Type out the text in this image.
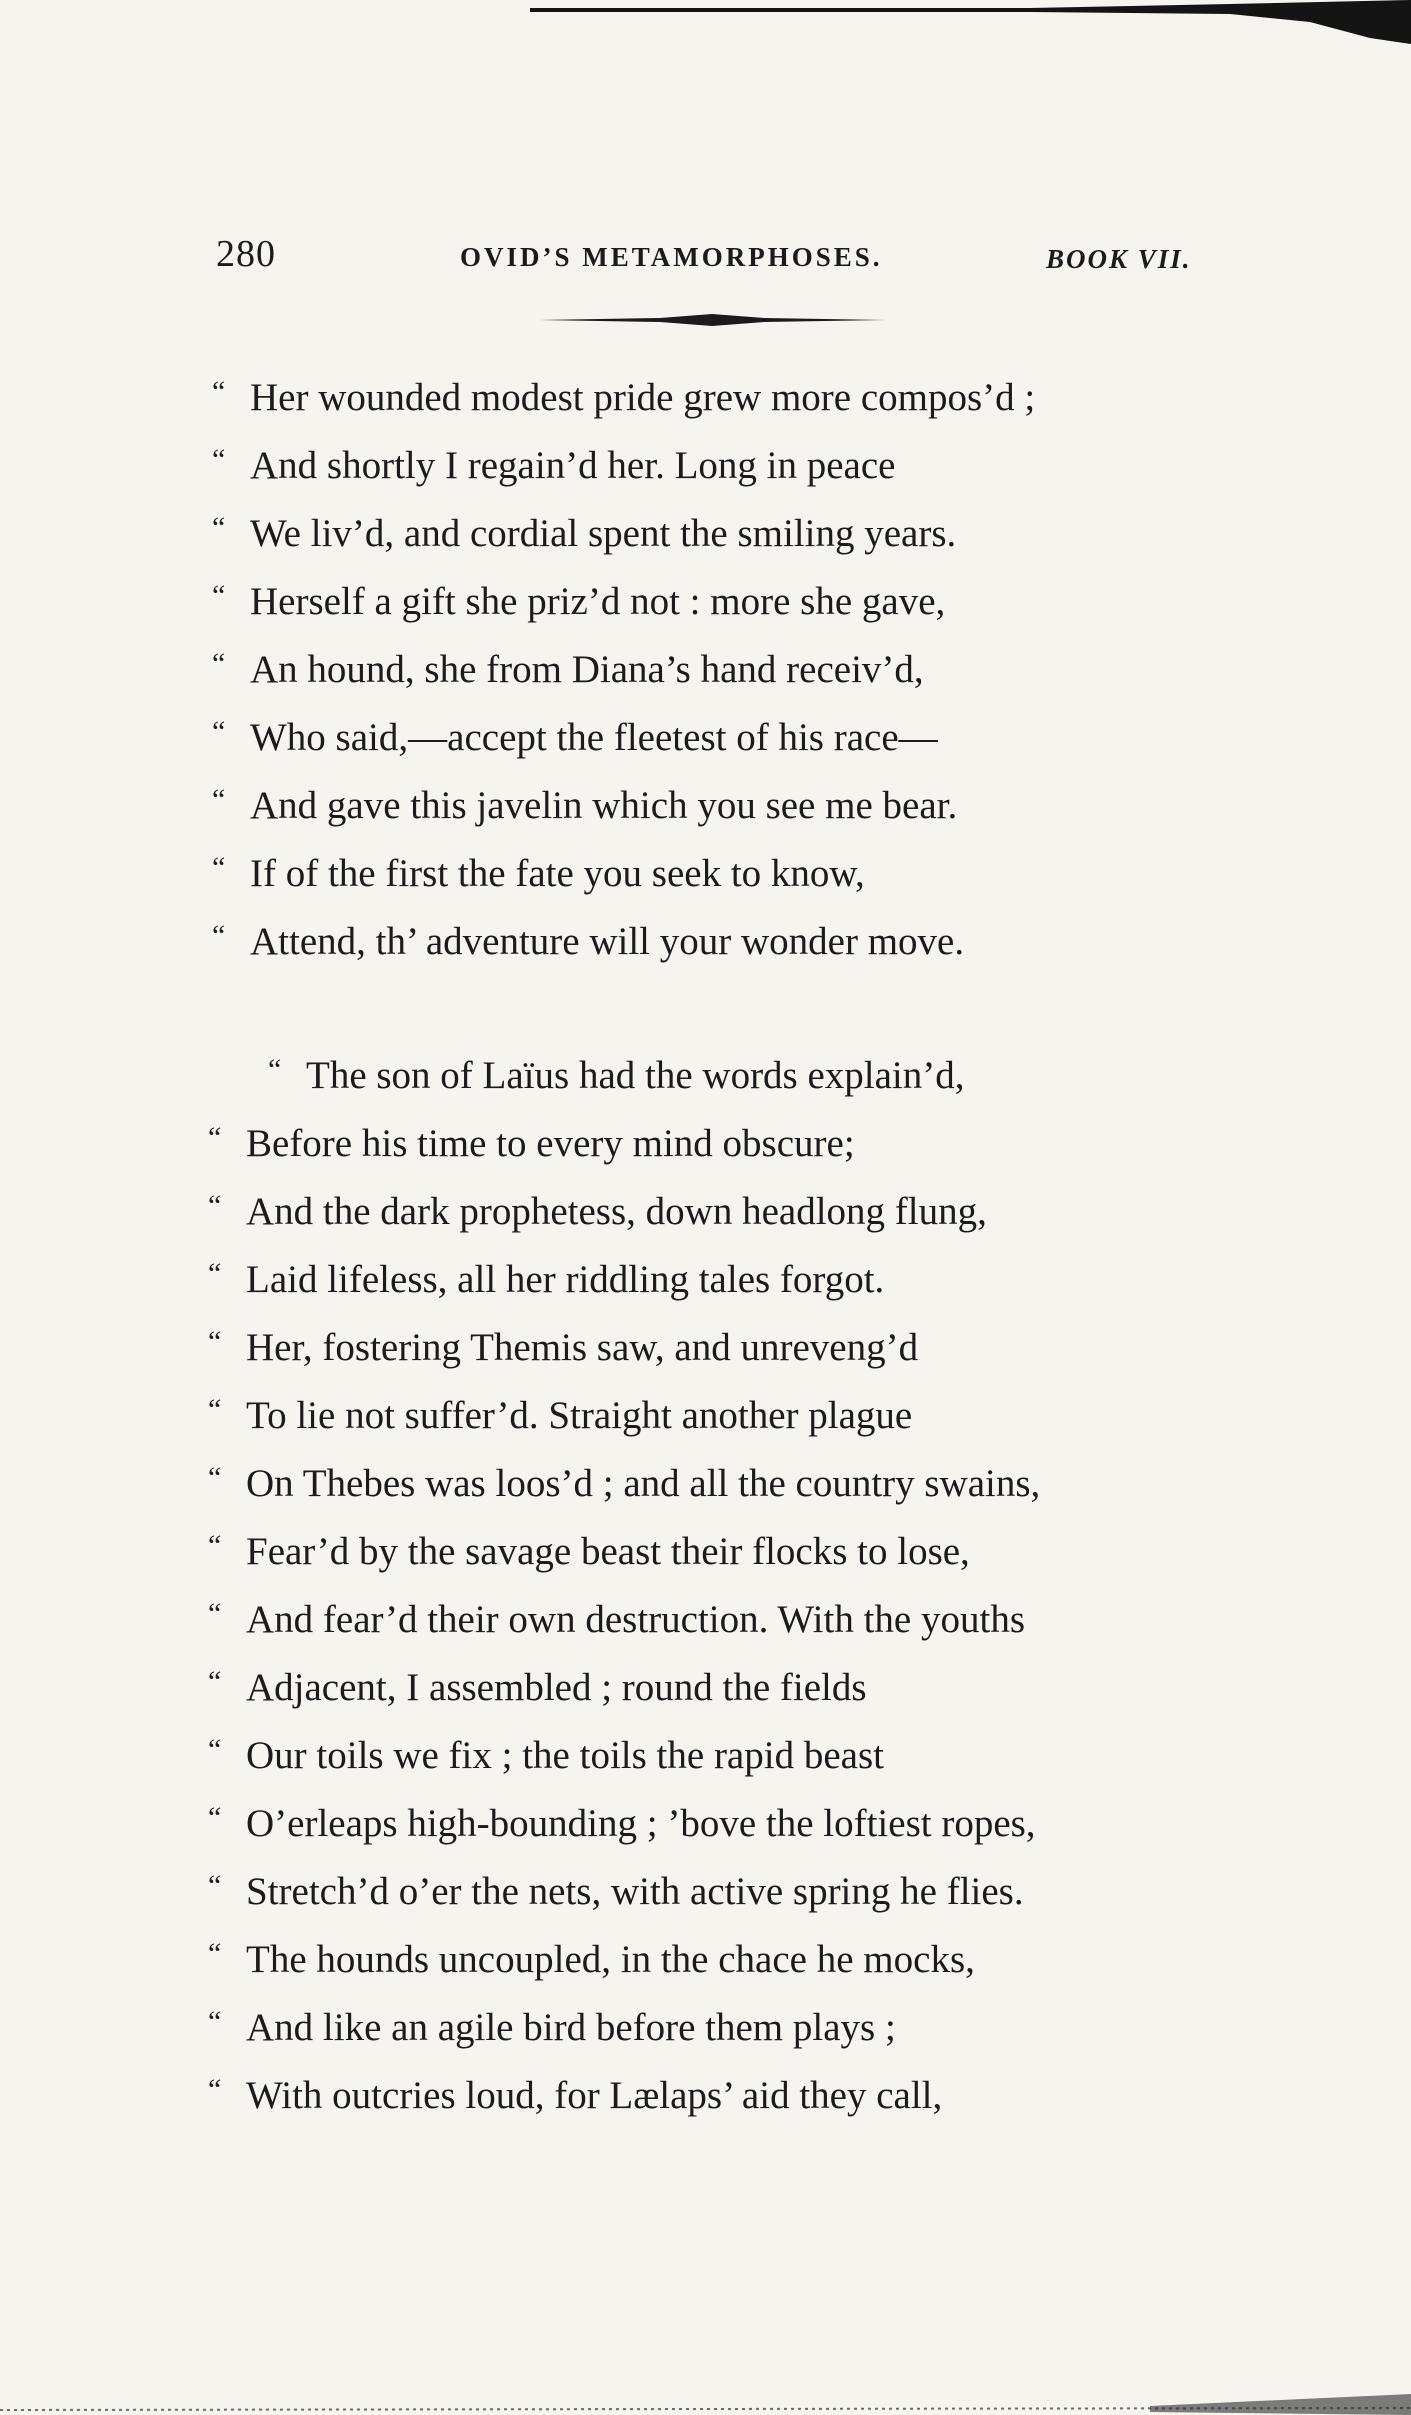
280	OVID’S METAMORPHOSES.	BOOK VII.
“ Her wounded modest pride grew more compos’d ;
“ And shortly I regain’d her. Long in peace
“ We liv’d, and cordial spent the smiling years.
“ Herself a gift she priz’d not : more she gave,
“ An hound, she from Diana’s hand receiv’d,
“ Who said,—accept the fleetest of his race—
“ And gave this javelin which you see me bear.
“ If of the first the fate you seek to know,
“ Attend, th’ adventure will your wonder move.
“ The son of Laïus had the words explain’d,
“ Before his time to every mind obscure;
“ And the dark prophetess, down headlong flung,
“ Laid lifeless, all her riddling tales forgot.
“ Her, fostering Themis saw, and unreveng’d
“ To lie not suffer’d. Straight another plague
“ On Thebes was loos’d ; and all the country swains,
“ Fear’d by the savage beast their flocks to lose,
“ And fear’d their own destruction. With the youths
“ Adjacent, I assembled ; round the fields
“ Our toils we fix ; the toils the rapid beast
“ O’erleaps high-bounding ; ’bove the loftiest ropes,
“ Stretch’d o’er the nets, with active spring he flies.
“ The hounds uncoupled, in the chace he mocks,
“ And like an agile bird before them plays ;
“ With outcries loud, for Lælaps’ aid they call,
